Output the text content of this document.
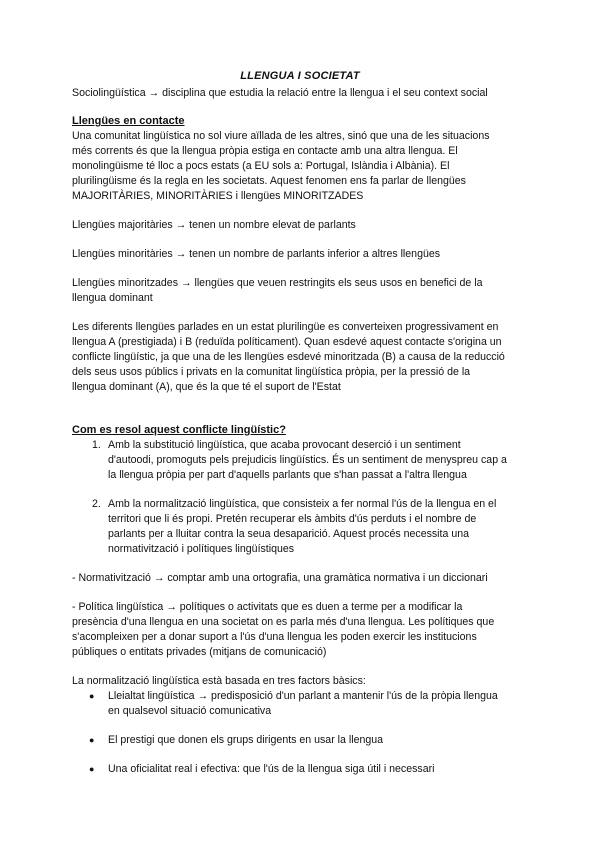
LLENGUA I SOCIETAT
Sociolingüística → disciplina que estudia la relació entre la llengua i el seu context social
Llengües en contacte
Una comunitat lingüística no sol viure aïllada de les altres, sinó que una de les situacions
més corrents és que la llengua pròpia estiga en contacte amb una altra llengua. El
monolingüisme té lloc a pocs estats (a EU sols a: Portugal, Islàndia i Albània). El
plurilingüisme és la regla en les societats. Aquest fenomen ens fa parlar de llengües
MAJORITÀRIES, MINORITÀRIES i llengües MINORITZADES
Llengües majoritàries → tenen un nombre elevat de parlants
Llengües minoritàries → tenen un nombre de parlants inferior a altres llengües
Llengües minoritzades → llengües que veuen restringits els seus usos en benefici de la
llengua dominant
Les diferents llengües parlades en un estat plurilingüe es converteixen progressivament en
llengua A (prestigiada) i B (reduïda políticament). Quan esdevé aquest contacte s'origina un
conflicte lingüístic, ja que una de les llengües esdevé minoritzada (B) a causa de la reducció
dels seus usos públics i privats en la comunitat lingüística pròpia, per la pressió de la
llengua dominant (A), que és la que té el suport de l'Estat
Com es resol aquest conflicte lingüístic?
1. Amb la substitució lingüística, que acaba provocant deserció i un sentiment
d'autoodi, promoguts pels prejudicis lingüístics. És un sentiment de menyspreu cap a
la llengua pròpia per part d'aquells parlants que s'han passat a l'altra llengua
2. Amb la normalització lingüística, que consisteix a fer normal l'ús de la llengua en el
territori que li és propi. Pretén recuperar els àmbits d'ús perduts i el nombre de
parlants per a lluitar contra la seua desaparició. Aquest procés necessita una
normativització i polítiques lingüístiques
- Normativització → comptar amb una ortografia, una gramàtica normativa i un diccionari
- Política lingüística → polítiques o activitats que es duen a terme per a modificar la
presència d'una llengua en una societat on es parla més d'una llengua. Les polítiques que
s'acompleixen per a donar suport a l'ús d'una llengua les poden exercir les institucions
públiques o entitats privades (mitjans de comunicació)
La normalització lingüística està basada en tres factors bàsics:
● Lleialtat lingüística → predisposició d'un parlant a mantenir l'ús de la pròpia llengua
en qualsevol situació comunicativa
● El prestigi que donen els grups dirigents en usar la llengua
● Una oficialitat real i efectiva: que l'ús de la llengua siga útil i necessari
